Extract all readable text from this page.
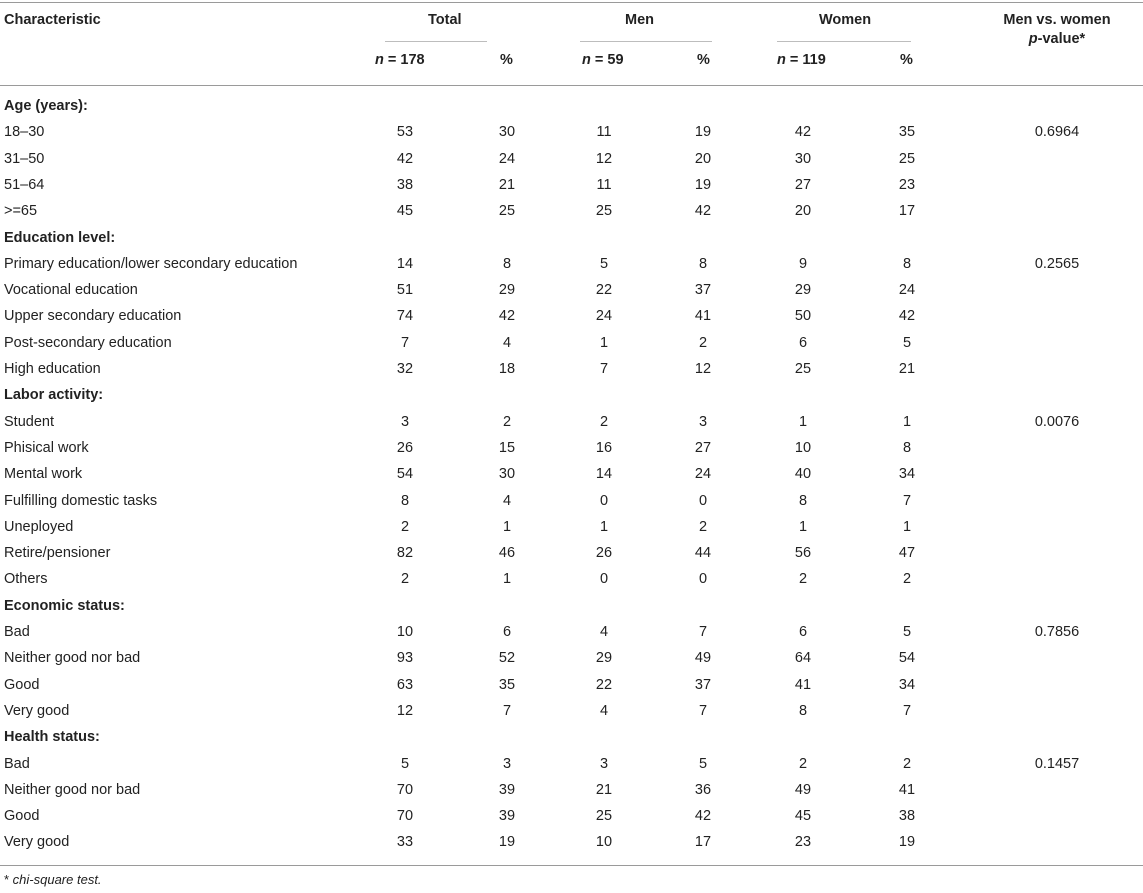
Characteristic	Total	Men	Women	Men vs. women
p-value*
n = 178	%	n = 59	%	n = 119	%
Age (years):
18–30	53	30	11	19	42	35	0.6964
31–50	42	24	12	20	30	25
51–64	38	21	11	19	27	23
>=65	45	25	25	42	20	17
Education level:
Primary education/lower secondary education	14	8	5	8	9	8	0.2565
Vocational education	51	29	22	37	29	24
Upper secondary education	74	42	24	41	50	42
Post-secondary education	7	4	1	2	6	5
High education	32	18	7	12	25	21
Labor activity:
Student	3	2	2	3	1	1	0.0076
Phisical work	26	15	16	27	10	8
Mental work	54	30	14	24	40	34
Fulfilling domestic tasks	8	4	0	0	8	7
Uneployed	2	1	1	2	1	1
Retire/pensioner	82	46	26	44	56	47
Others	2	1	0	0	2	2
Economic status:
Bad	10	6	4	7	6	5	0.7856
Neither good nor bad	93	52	29	49	64	54
Good	63	35	22	37	41	34
Very good	12	7	4	7	8	7
Health status:
Bad	5	3	3	5	2	2	0.1457
Neither good nor bad	70	39	21	36	49	41
Good	70	39	25	42	45	38
Very good	33	19	10	17	23	19
* chi-square test.
